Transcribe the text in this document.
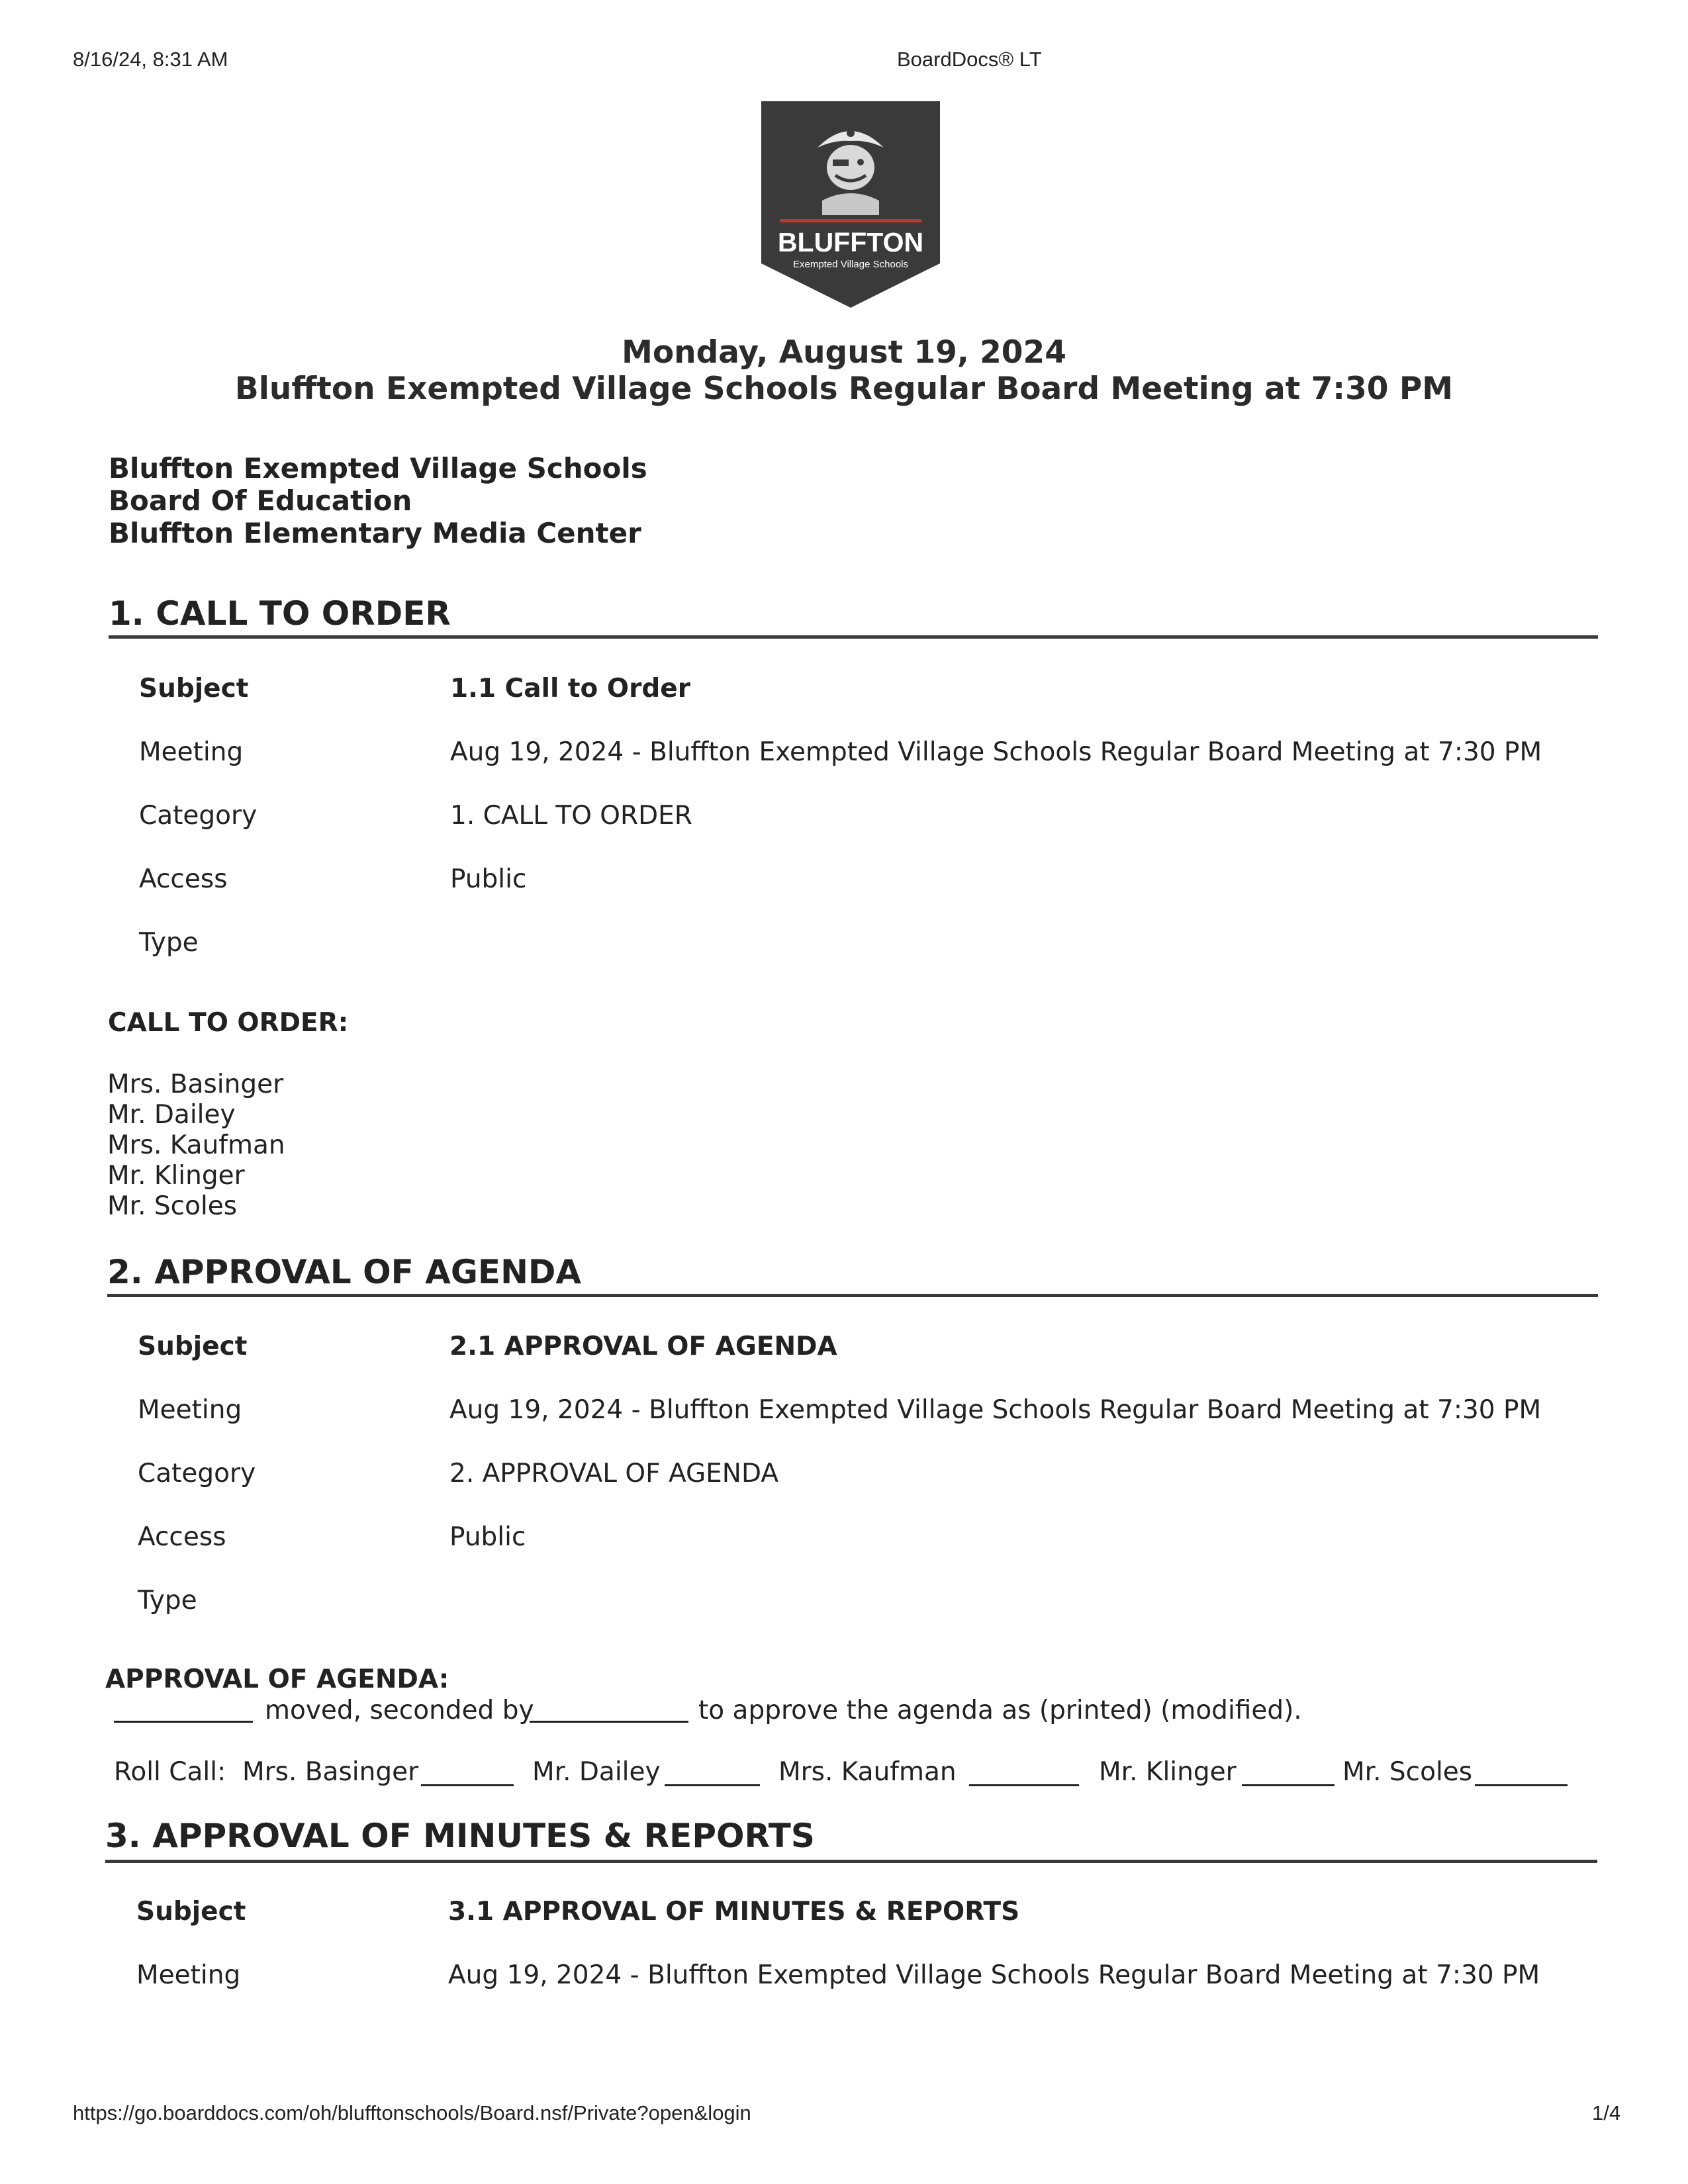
8/16/24, 8:31 AM	BoardDocs® LT
BLUFFTON
Exempted Village Schools
Monday, August 19, 2024
Bluffton Exempted Village Schools Regular Board Meeting at 7:30 PM
Bluffton Exempted Village Schools
Board Of Education
Bluffton Elementary Media Center
1. CALL TO ORDER
Subject	1.1 Call to Order
Meeting	Aug 19, 2024 - Bluffton Exempted Village Schools Regular Board Meeting at 7:30 PM
Category	1. CALL TO ORDER
Access	Public
Type
CALL TO ORDER:
Mrs. Basinger
Mr. Dailey
Mrs. Kaufman
Mr. Klinger
Mr. Scoles
2. APPROVAL OF AGENDA
Subject	2.1 APPROVAL OF AGENDA
Meeting	Aug 19, 2024 - Bluffton Exempted Village Schools Regular Board Meeting at 7:30 PM
Category	2. APPROVAL OF AGENDA
Access	Public
Type
APPROVAL OF AGENDA:
moved, seconded by	to approve the agenda as (printed) (modified).
Roll Call: Mrs. Basinger	Mr. Dailey	Mrs. Kaufman	Mr. Klinger	Mr. Scoles
3. APPROVAL OF MINUTES & REPORTS
Subject	3.1 APPROVAL OF MINUTES & REPORTS
Meeting	Aug 19, 2024 - Bluffton Exempted Village Schools Regular Board Meeting at 7:30 PM
https://go.boarddocs.com/oh/blufftonschools/Board.nsf/Private?open&login	1/4
